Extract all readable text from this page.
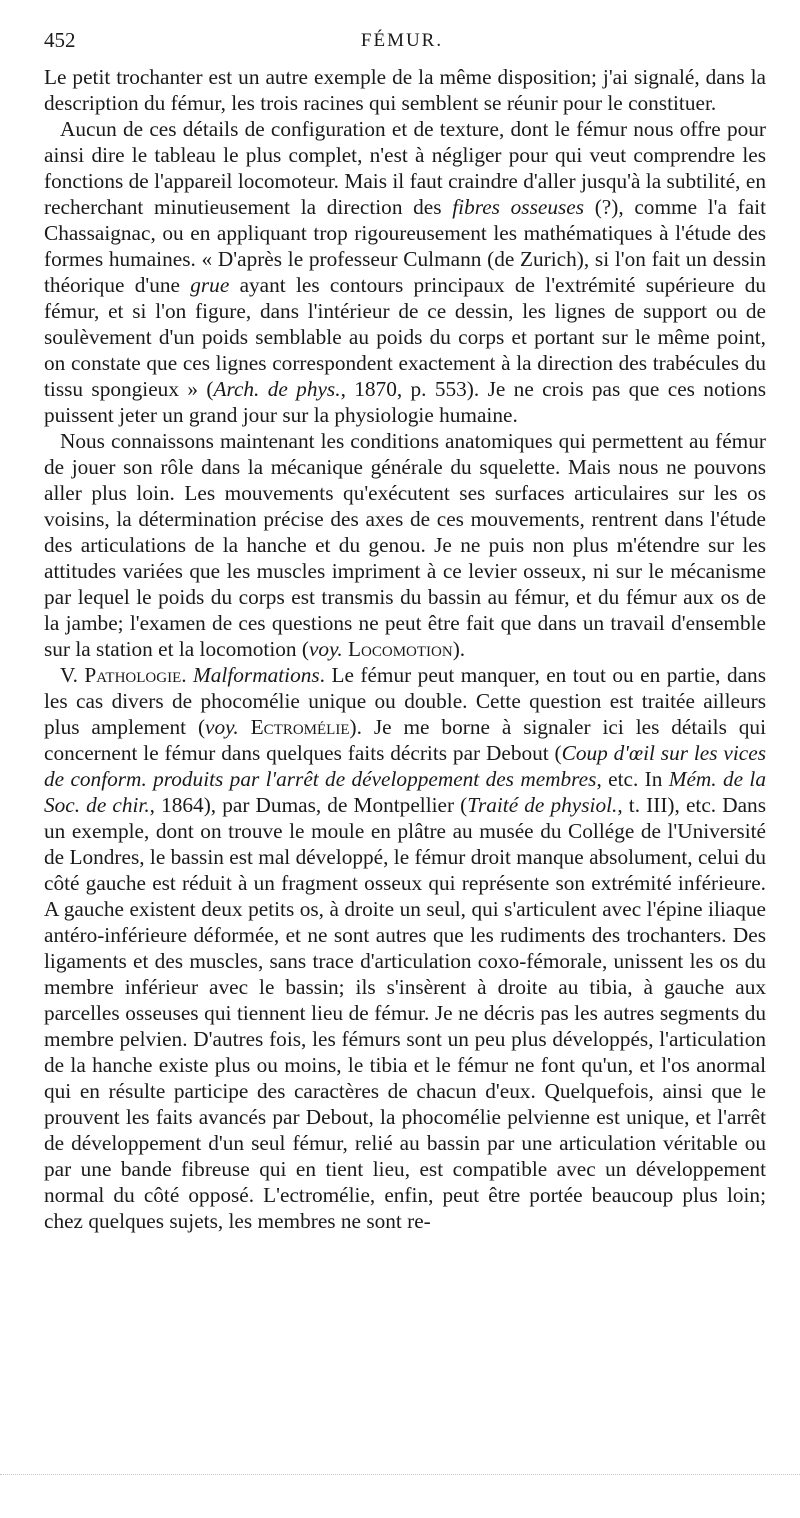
452	FÉMUR.

Le petit trochanter est un autre exemple de la même disposition; j'ai signalé, dans la description du fémur, les trois racines qui semblent se réunir pour le constituer.

Aucun de ces détails de configuration et de texture, dont le fémur nous offre pour ainsi dire le tableau le plus complet, n'est à négliger pour qui veut comprendre les fonctions de l'appareil locomoteur. Mais il faut craindre d'aller jusqu'à la subtilité, en recherchant minutieusement la direction des fibres osseuses (?), comme l'a fait Chassaignac, ou en appliquant trop rigoureusement les mathématiques à l'étude des formes humaines. « D'après le professeur Culmann (de Zurich), si l'on fait un dessin théorique d'une grue ayant les contours principaux de l'extrémité supérieure du fémur, et si l'on figure, dans l'intérieur de ce dessin, les lignes de support ou de soulèvement d'un poids semblable au poids du corps et portant sur le même point, on constate que ces lignes correspondent exactement à la direction des trabécules du tissu spongieux » (Arch. de phys., 1870, p. 553). Je ne crois pas que ces notions puissent jeter un grand jour sur la physiologie humaine.

Nous connaissons maintenant les conditions anatomiques qui permettent au fémur de jouer son rôle dans la mécanique générale du squelette. Mais nous ne pouvons aller plus loin. Les mouvements qu'exécutent ses surfaces articulaires sur les os voisins, la détermination précise des axes de ces mouvements, rentrent dans l'étude des articulations de la hanche et du genou. Je ne puis non plus m'étendre sur les attitudes variées que les muscles impriment à ce levier osseux, ni sur le mécanisme par lequel le poids du corps est transmis du bassin au fémur, et du fémur aux os de la jambe; l'examen de ces questions ne peut être fait que dans un travail d'ensemble sur la station et la locomotion (voy. Locomotion).

V. Pathologie. Malformations. Le fémur peut manquer, en tout ou en partie, dans les cas divers de phocomélie unique ou double. Cette question est traitée ailleurs plus amplement (voy. Ectromélie). Je me borne à signaler ici les détails qui concernent le fémur dans quelques faits décrits par Debout (Coup d'œil sur les vices de conform. produits par l'arrêt de développement des membres, etc. In Mém. de la Soc. de chir., 1864), par Dumas, de Montpellier (Traité de physiol., t. III), etc. Dans un exemple, dont on trouve le moule en plâtre au musée du Collége de l'Université de Londres, le bassin est mal développé, le fémur droit manque absolument, celui du côté gauche est réduit à un fragment osseux qui représente son extrémité inférieure. A gauche existent deux petits os, à droite un seul, qui s'articulent avec l'épine iliaque antéro-inférieure déformée, et ne sont autres que les rudiments des trochanters. Des ligaments et des muscles, sans trace d'articulation coxo-fémorale, unissent les os du membre inférieur avec le bassin; ils s'insèrent à droite au tibia, à gauche aux parcelles osseuses qui tiennent lieu de fémur. Je ne décris pas les autres segments du membre pelvien. D'autres fois, les fémurs sont un peu plus développés, l'articulation de la hanche existe plus ou moins, le tibia et le fémur ne font qu'un, et l'os anormal qui en résulte participe des caractères de chacun d'eux. Quelquefois, ainsi que le prouvent les faits avancés par Debout, la phocomélie pelvienne est unique, et l'arrêt de développement d'un seul fémur, relié au bassin par une articulation véritable ou par une bande fibreuse qui en tient lieu, est compatible avec un développement normal du côté opposé. L'ectromélie, enfin, peut être portée beaucoup plus loin; chez quelques sujets, les membres ne sont re-
